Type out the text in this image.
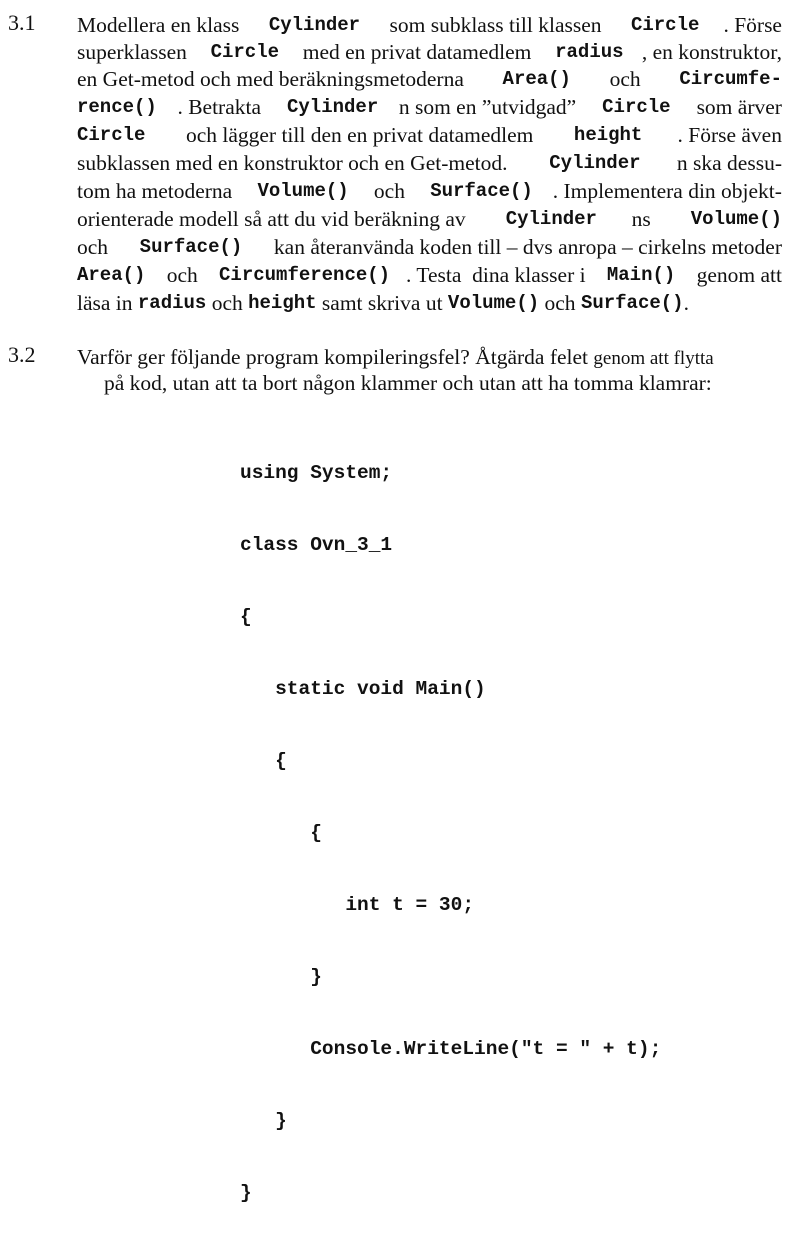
3.1 Modellera en klass Cylinder som subklass till klassen Circle . Förse
superklassen Circle med en privat datamedlem radius , en konstruktor,
en Get-metod och med beräkningsmetoderna Area() och Circumfe-
rence() . Betrakta Cylinder n som en ”utvidgad” Circle som ärver
Circle och lägger till den en privat datamedlem height . Förse även
subklassen med en konstruktor och en Get-metod. Cylinder n ska dessu-
tom ha metoderna Volume() och Surface() . Implementera din objekt-
orienterade modell så att du vid beräkning av Cylinder ns Volume()
och Surface() kan återanvända koden till – dvs anropa – cirkelns metoder
Area() och Circumference() . Testa  dina klasser i Main() genom att
läsa in radius och height samt skriva ut Volume() och Surface() .
3.2 Varför ger följande program kompileringsfel? Åtgärda felet genom att flytta
på kod, utan att ta bort någon klammer och utan att ha tomma klamrar:

using System;

class Ovn_3_1

{

static void Main()

{

{

int t = 30;

}

Console.WriteLine("t = " + t);

}

}
